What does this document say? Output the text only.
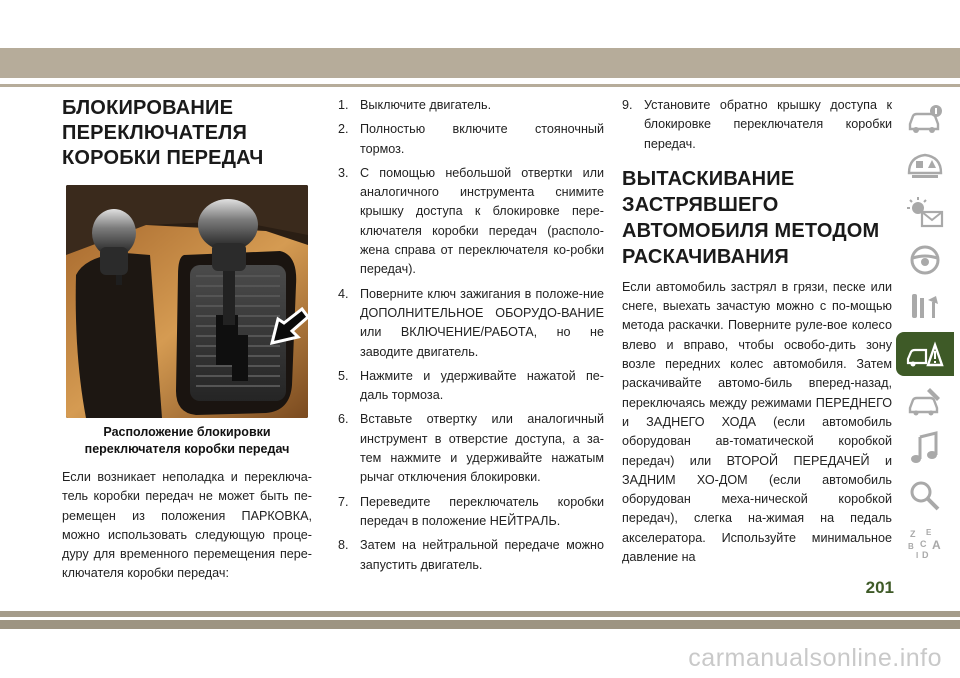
БЛОКИРОВАНИЕ
ПЕРЕКЛЮЧАТЕЛЯ
КОРОБКИ ПЕРЕДАЧ
Расположение блокировки
переключателя коробки передач

Если возникает неполадка и переключа-тель коробки передач не может быть пе-ремещен из положения ПАРКОВКА, можно использовать следующую проце-дуру для временного перемещения пере-ключателя коробки передач:

1. Выключите двигатель.
2. Полностью включите стояночный тормоз.
3. С помощью небольшой отвертки или аналогичного инструмента снимите крышку доступа к блокировке пере-ключателя коробки передач (располо-жена справа от переключателя ко-робки передач).
4. Поверните ключ зажигания в положе-ние ДОПОЛНИТЕЛЬНОЕ ОБОРУДО-ВАНИЕ или ВКЛЮЧЕНИЕ/РАБОТА, но не заводите двигатель.
5. Нажмите и удерживайте нажатой пе-даль тормоза.
6. Вставьте отвертку или аналогичный инструмент в отверстие доступа, а за-тем нажмите и удерживайте нажатым рычаг отключения блокировки.
7. Переведите переключатель коробки передач в положение НЕЙТРАЛЬ.
8. Затем на нейтральной передаче можно запустить двигатель.
9. Установите обратно крышку доступа к блокировке переключателя коробки передач.
ВЫТАСКИВАНИЕ
ЗАСТРЯВШЕГО
АВТОМОБИЛЯ МЕТОДОМ
РАСКАЧИВАНИЯ

Если автомобиль застрял в грязи, песке или снеге, выехать зачастую можно с по-мощью метода раскачки. Поверните руле-вое колесо влево и вправо, чтобы освобо-дить зону возле передних колес автомобиля. Затем раскачивайте автомо-биль вперед-назад, переключаясь между режимами ПЕРЕДНЕГО и ЗАДНЕГО ХОДА (если автомобиль оборудован ав-томатической коробкой передач) или ВТОРОЙ ПЕРЕДАЧЕЙ и ЗАДНИМ ХО-ДОМ (если автомобиль оборудован меха-нической коробкой передач), слегка на-жимая на педаль акселератора. Используйте минимальное давление на

Z E
B C A
I D
201
carmanualsonline.info
